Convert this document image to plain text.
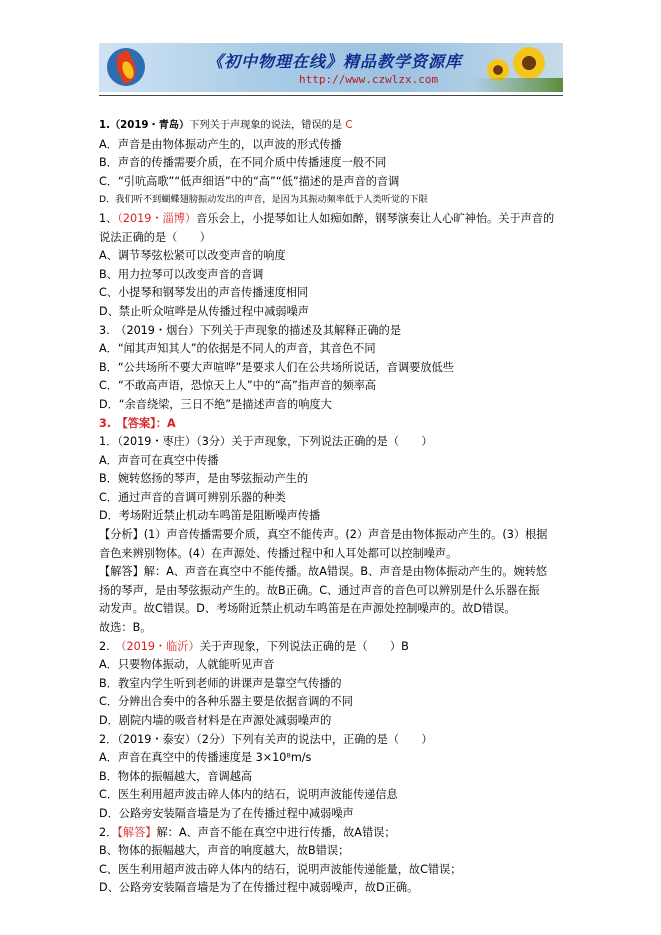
《初中物理在线》精品教学资源库
http://www.czwlzx.com
1.（2019・青岛）下列关于声现象的说法，错误的是 C
A．声音是由物体振动产生的，以声波的形式传播
B．声音的传播需要介质，在不同介质中传播速度一般不同
C．“引吭高歌”“低声细语”中的“高”“低”描述的是声音的音调
D．我们听不到蝴蝶翅膀振动发出的声音，是因为其振动频率低于人类听觉的下限
1、（2019・淄博）音乐会上，小提琴如让人如痴如醉，钢琴演奏让人心旷神怡。关于声音的
说法正确的是（　　）
A、调节琴弦松紧可以改变声音的响度
B、用力拉琴可以改变声音的音调
C、小提琴和钢琴发出的声音传播速度相同
D、禁止听众喧哗是从传播过程中减弱噪声
3.　（2019・烟台）下列关于声现象的描述及其解释正确的是
A．“闻其声知其人”的依据是不同人的声音，其音色不同
B．“公共场所不要大声喧哗”是要求人们在公共场所说话，音调要放低些
C．“不敢高声语，恐惊天上人”中的“高”指声音的频率高
D．“余音绕梁，三日不绝”是描述声音的响度大
3.　【答案】：A
1．（2019・枣庄）（3分）关于声现象，下列说法正确的是（　　）
A．声音可在真空中传播
B．婉转悠扬的琴声，是由琴弦振动产生的
C．通过声音的音调可辨别乐器的种类
D．考场附近禁止机动车鸣笛是阻断噪声传播
【分析】(1）声音传播需要介质，真空不能传声。(2）声音是由物体振动产生的。(3）根据
音色来辨别物体。(4）在声源处、传播过程中和人耳处都可以控制噪声。
【解答】解：A、声音在真空中不能传播。故A错误。B、声音是由物体振动产生的。婉转悠
扬的琴声，是由琴弦振动产生的。故B正确。C、通过声音的音色可以辨别是什么乐器在振
动发声。故C错误。D、考场附近禁止机动车鸣笛是在声源处控制噪声的。故D错误。
故选：B。
2.　（2019・临沂）关于声现象，下列说法正确的是（　　）B
A．只要物体振动，人就能听见声音
B．教室内学生听到老师的讲课声是靠空气传播的
C．分辨出合奏中的各种乐器主要是依据音调的不同
D．剧院内墙的吸音材料是在声源处减弱噪声的
2．（2019・泰安）（2分）下列有关声的说法中，正确的是（　　）
A．声音在真空中的传播速度是 3×10⁸m/s
B．物体的振幅越大，音调越高
C．医生利用超声波击碎人体内的结石，说明声波能传递信息
D．公路旁安装隔音墙是为了在传播过程中减弱噪声
2．【解答】解：A、声音不能在真空中进行传播，故A错误；
B、物体的振幅越大，声音的响度越大，故B错误；
C、医生利用超声波击碎人体内的结石，说明声波能传递能量，故C错误；
D、公路旁安装隔音墙是为了在传播过程中减弱噪声，故D正确。
